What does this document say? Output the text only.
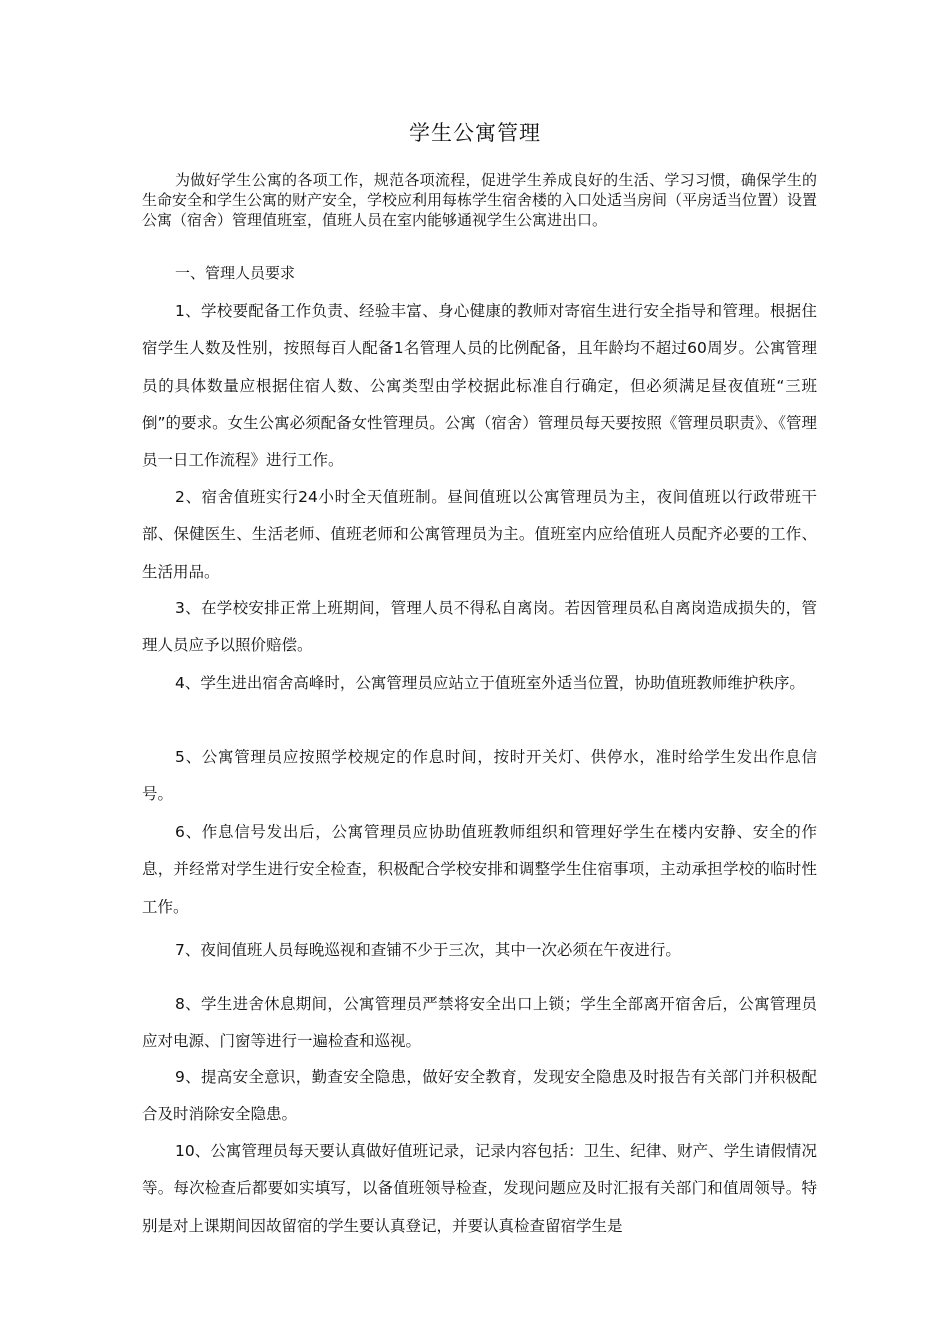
学生公寓管理

为做好学生公寓的各项工作，规范各项流程，促进学生养成良好的生活、学习习惯，确保学生的生命安全和学生公寓的财产安全，学校应利用每栋学生宿舍楼的入口处适当房间（平房适当位置）设置公寓（宿舍）管理值班室，值班人员在室内能够通视学生公寓进出口。

一、管理人员要求

1、学校要配备工作负责、经验丰富、身心健康的教师对寄宿生进行安全指导和管理。根据住宿学生人数及性别，按照每百人配备1名管理人员的比例配备，且年龄均不超过60周岁。公寓管理员的具体数量应根据住宿人数、公寓类型由学校据此标准自行确定，但必须满足昼夜值班“三班倒”的要求。女生公寓必须配备女性管理员。公寓（宿舍）管理员每天要按照《管理员职责》、《管理员一日工作流程》进行工作。

2、宿舍值班实行24小时全天值班制。昼间值班以公寓管理员为主，夜间值班以行政带班干部、保健医生、生活老师、值班老师和公寓管理员为主。值班室内应给值班人员配齐必要的工作、生活用品。

3、在学校安排正常上班期间，管理人员不得私自离岗。若因管理员私自离岗造成损失的，管理人员应予以照价赔偿。

4、学生进出宿舍高峰时，公寓管理员应站立于值班室外适当位置，协助值班教师维护秩序。

5、公寓管理员应按照学校规定的作息时间，按时开关灯、供停水，准时给学生发出作息信号。

6、作息信号发出后，公寓管理员应协助值班教师组织和管理好学生在楼内安静、安全的作息，并经常对学生进行安全检查，积极配合学校安排和调整学生住宿事项，主动承担学校的临时性工作。

7、夜间值班人员每晚巡视和查铺不少于三次，其中一次必须在午夜进行。

8、学生进舍休息期间，公寓管理员严禁将安全出口上锁；学生全部离开宿舍后，公寓管理员应对电源、门窗等进行一遍检查和巡视。

9、提高安全意识，勤查安全隐患，做好安全教育，发现安全隐患及时报告有关部门并积极配合及时消除安全隐患。

10、公寓管理员每天要认真做好值班记录，记录内容包括：卫生、纪律、财产、学生请假情况等。每次检查后都要如实填写，以备值班领导检查，发现问题应及时汇报有关部门和值周领导。特别是对上课期间因故留宿的学生要认真登记，并要认真检查留宿学生是
